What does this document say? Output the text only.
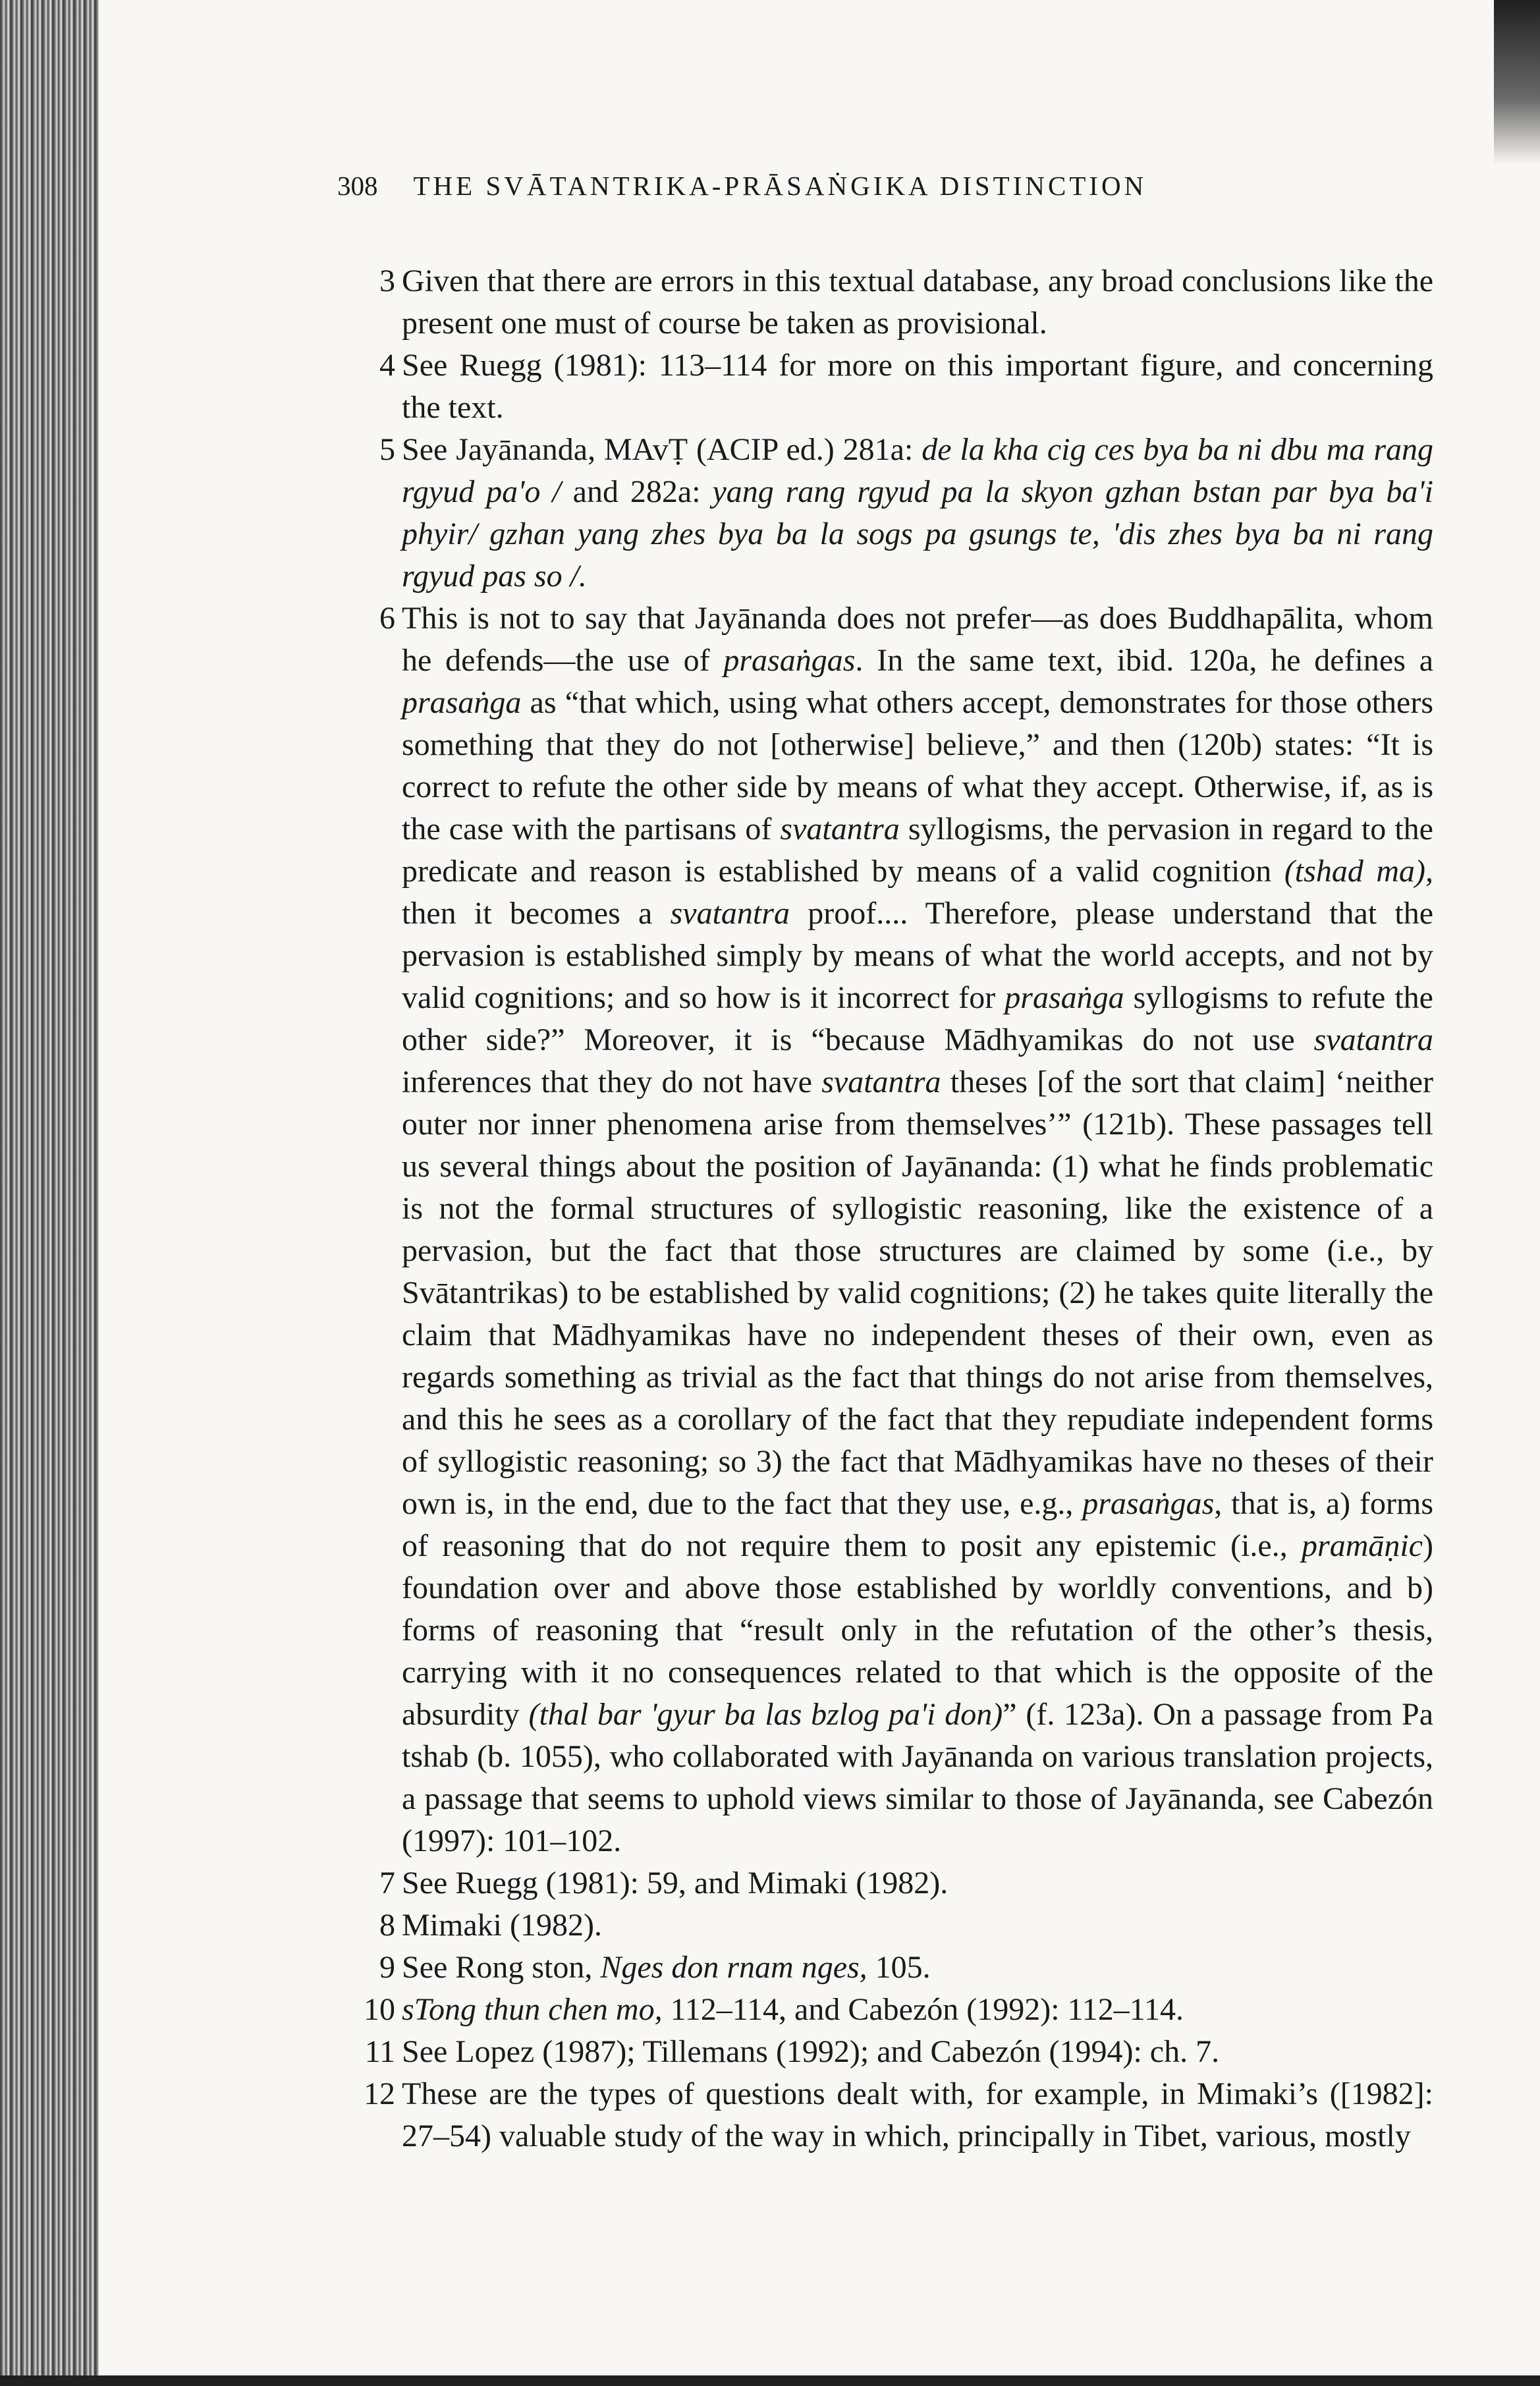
308 THE SVĀTANTRIKA-PRĀSAṄGIKA DISTINCTION

3 Given that there are errors in this textual database, any broad conclusions like the present one must of course be taken as provisional.

4 See Ruegg (1981): 113–114 for more on this important figure, and concerning the text.

5 See Jayānanda, MAvṬ (ACIP ed.) 281a: de la kha cig ces bya ba ni dbu ma rang rgyud pa'o / and 282a: yang rang rgyud pa la skyon gzhan bstan par bya ba'i phyir/ gzhan yang zhes bya ba la sogs pa gsungs te, 'dis zhes bya ba ni rang rgyud pas so /.

6 This is not to say that Jayānanda does not prefer—as does Buddhapālita, whom he defends—the use of prasaṅgas. In the same text, ibid. 120a, he defines a prasaṅga as “that which, using what others accept, demonstrates for those others something that they do not [otherwise] believe,” and then (120b) states: “It is correct to refute the other side by means of what they accept. Otherwise, if, as is the case with the partisans of svatantra syllogisms, the pervasion in regard to the predicate and reason is established by means of a valid cognition (tshad ma), then it becomes a svatantra proof.... Therefore, please understand that the pervasion is established simply by means of what the world accepts, and not by valid cognitions; and so how is it incorrect for prasaṅga syllogisms to refute the other side?” Moreover, it is “because Mādhyamikas do not use svatantra inferences that they do not have svatantra theses [of the sort that claim] ‘neither outer nor inner phenomena arise from themselves’” (121b). These passages tell us several things about the position of Jayānanda: (1) what he finds problematic is not the formal structures of syllogistic reasoning, like the existence of a pervasion, but the fact that those structures are claimed by some (i.e., by Svātantrikas) to be established by valid cognitions; (2) he takes quite literally the claim that Mādhyamikas have no independent theses of their own, even as regards something as trivial as the fact that things do not arise from themselves, and this he sees as a corollary of the fact that they repudiate independent forms of syllogistic reasoning; so 3) the fact that Mādhyamikas have no theses of their own is, in the end, due to the fact that they use, e.g., prasaṅgas, that is, a) forms of reasoning that do not require them to posit any epistemic (i.e., pramāṇic) foundation over and above those established by worldly conventions, and b) forms of reasoning that “result only in the refutation of the other’s thesis, carrying with it no consequences related to that which is the opposite of the absurdity (thal bar 'gyur ba las bzlog pa'i don)” (f. 123a). On a passage from Pa tshab (b. 1055), who collaborated with Jayānanda on various translation projects, a passage that seems to uphold views similar to those of Jayānanda, see Cabezón (1997): 101–102.

7 See Ruegg (1981): 59, and Mimaki (1982).

8 Mimaki (1982).

9 See Rong ston, Nges don rnam nges, 105.

10 sTong thun chen mo, 112–114, and Cabezón (1992): 112–114.

11 See Lopez (1987); Tillemans (1992); and Cabezón (1994): ch. 7.

12 These are the types of questions dealt with, for example, in Mimaki’s ([1982]: 27–54) valuable study of the way in which, principally in Tibet, various, mostly
